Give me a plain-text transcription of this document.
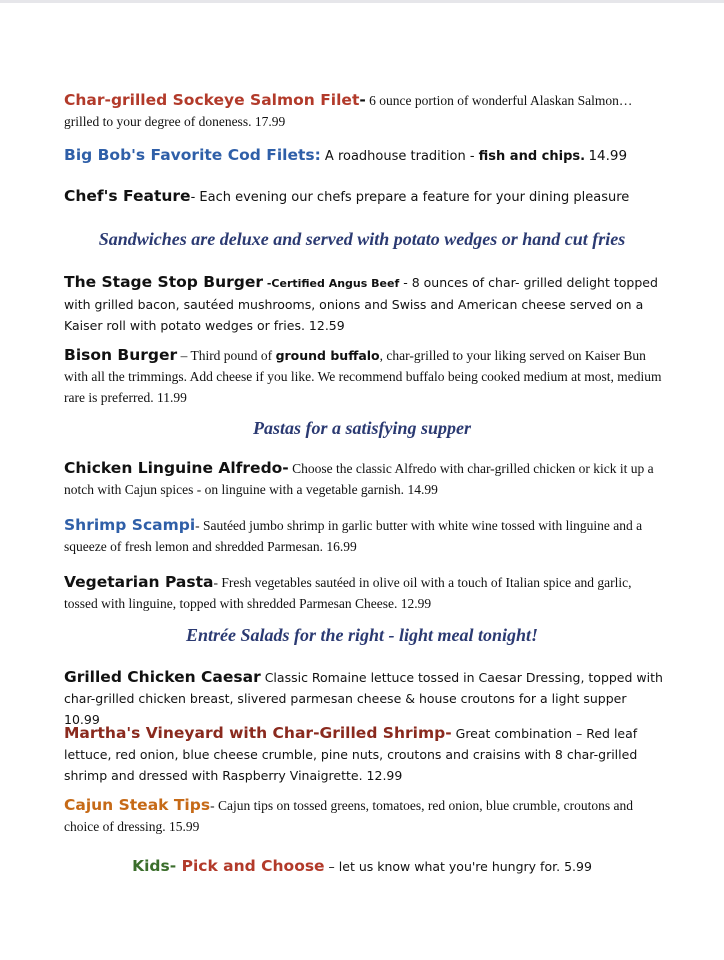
Char-grilled Sockeye Salmon Filet- 6 ounce portion of wonderful Alaskan Salmon… grilled to your degree of doneness. 17.99
Big Bob's Favorite Cod Filets: A roadhouse tradition - fish and chips. 14.99
Chef's Feature- Each evening our chefs prepare a feature for your dining pleasure
Sandwiches are deluxe and served with potato wedges or hand cut fries
The Stage Stop Burger -Certified Angus Beef - 8 ounces of char- grilled delight topped with grilled bacon, sautéed mushrooms, onions and Swiss and American cheese served on a Kaiser roll with potato wedges or fries. 12.59
Bison Burger – Third pound of ground buffalo, char-grilled to your liking served on Kaiser Bun with all the trimmings. Add cheese if you like. We recommend buffalo being cooked medium at most, medium rare is preferred. 11.99
Pastas for a satisfying supper
Chicken Linguine Alfredo- Choose the classic Alfredo with char-grilled chicken or kick it up a notch with Cajun spices - on linguine with a vegetable garnish. 14.99
Shrimp Scampi- Sautéed jumbo shrimp in garlic butter with white wine tossed with linguine and a squeeze of fresh lemon and shredded Parmesan. 16.99
Vegetarian Pasta- Fresh vegetables sautéed in olive oil with a touch of Italian spice and garlic, tossed with linguine, topped with shredded Parmesan Cheese. 12.99
Entrée Salads for the right - light meal tonight!
Grilled Chicken Caesar Classic Romaine lettuce tossed in Caesar Dressing, topped with char-grilled chicken breast, slivered parmesan cheese & house croutons for a light supper 10.99
Martha's Vineyard with Char-Grilled Shrimp- Great combination – Red leaf lettuce, red onion, blue cheese crumble, pine nuts, croutons and craisins with 8 char-grilled shrimp and dressed with Raspberry Vinaigrette. 12.99
Cajun Steak Tips- Cajun tips on tossed greens, tomatoes, red onion, blue crumble, croutons and choice of dressing. 15.99
Kids- Pick and Choose – let us know what you're hungry for. 5.99
